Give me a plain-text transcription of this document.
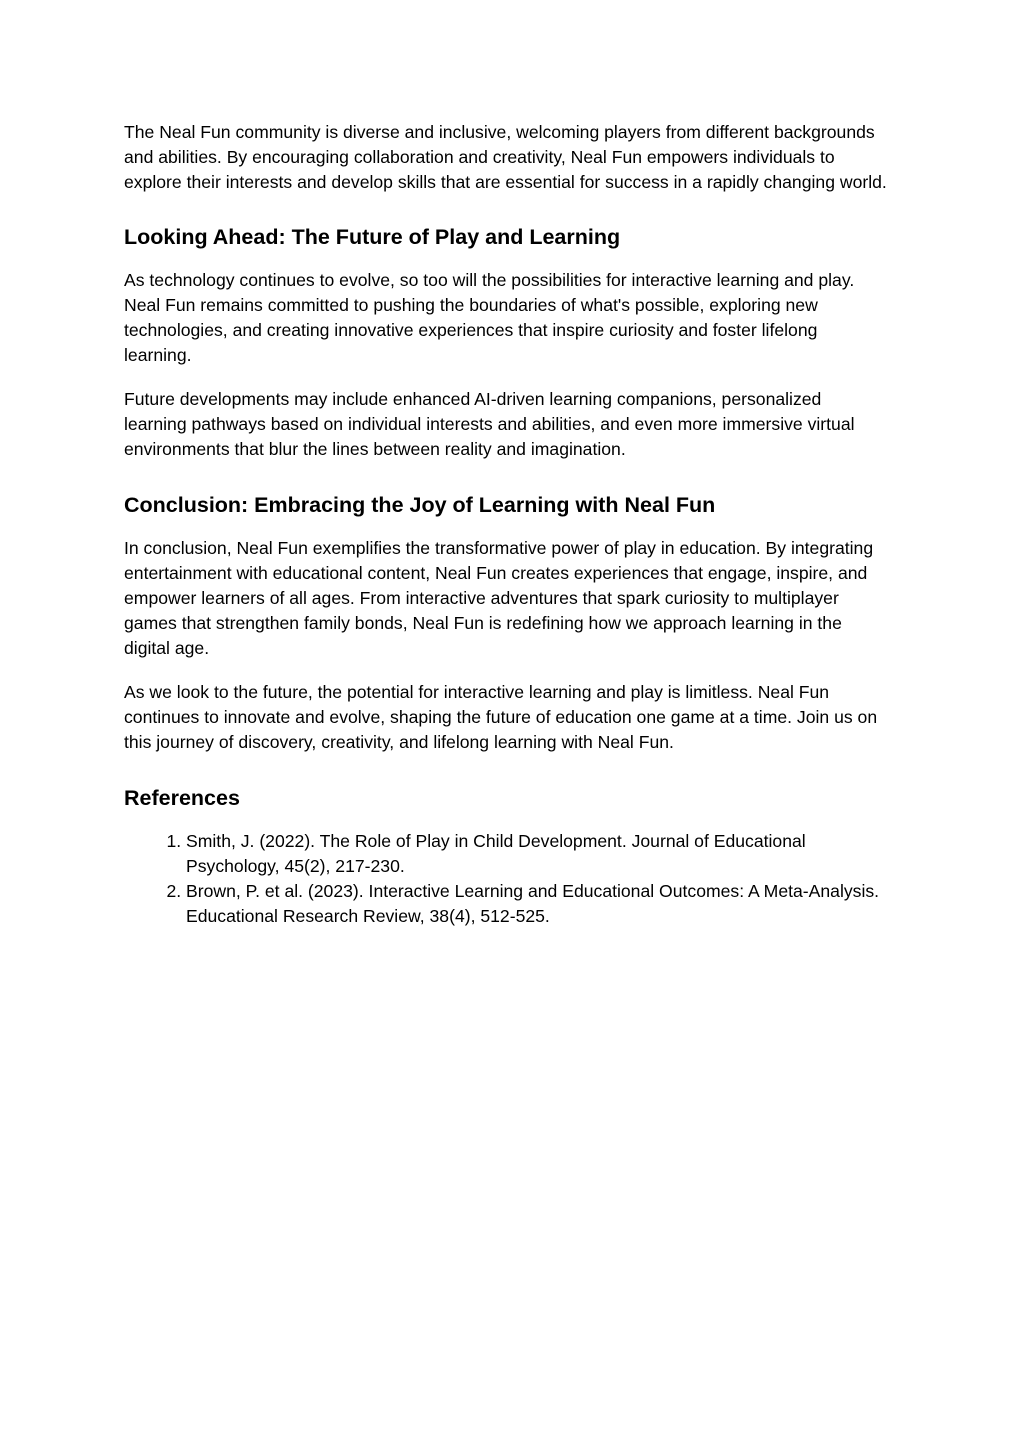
The Neal Fun community is diverse and inclusive, welcoming players from different backgrounds and abilities. By encouraging collaboration and creativity, Neal Fun empowers individuals to explore their interests and develop skills that are essential for success in a rapidly changing world.

Looking Ahead: The Future of Play and Learning

As technology continues to evolve, so too will the possibilities for interactive learning and play. Neal Fun remains committed to pushing the boundaries of what's possible, exploring new technologies, and creating innovative experiences that inspire curiosity and foster lifelong learning.

Future developments may include enhanced AI-driven learning companions, personalized learning pathways based on individual interests and abilities, and even more immersive virtual environments that blur the lines between reality and imagination.

Conclusion: Embracing the Joy of Learning with Neal Fun

In conclusion, Neal Fun exemplifies the transformative power of play in education. By integrating entertainment with educational content, Neal Fun creates experiences that engage, inspire, and empower learners of all ages. From interactive adventures that spark curiosity to multiplayer games that strengthen family bonds, Neal Fun is redefining how we approach learning in the digital age.

As we look to the future, the potential for interactive learning and play is limitless. Neal Fun continues to innovate and evolve, shaping the future of education one game at a time. Join us on this journey of discovery, creativity, and lifelong learning with Neal Fun.

References
1. Smith, J. (2022). The Role of Play in Child Development. Journal of Educational Psychology, 45(2), 217-230.
2. Brown, P. et al. (2023). Interactive Learning and Educational Outcomes: A Meta-Analysis. Educational Research Review, 38(4), 512-525.
